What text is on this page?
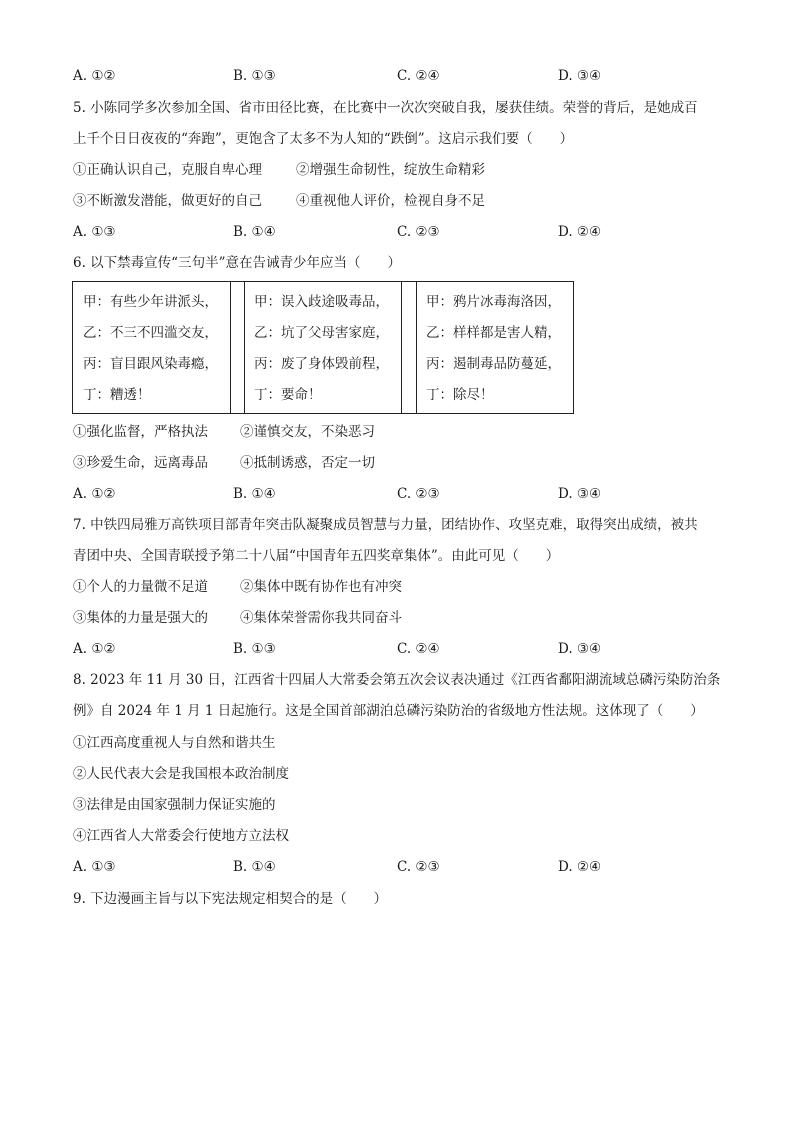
A. ①②	B. ①③	C. ②④	D. ③④
5. 小陈同学多次参加全国、省市田径比赛，在比赛中一次次突破自我，屡获佳绩。荣誉的背后，是她成百
上千个日日夜夜的“奔跑”，更饱含了太多不为人知的“跌倒”。这启示我们要（　　）
①正确认识自己，克服自卑心理	②增强生命韧性，绽放生命精彩
③不断激发潜能，做更好的自己	④重视他人评价，检视自身不足
A. ①③	B. ①④	C. ②③	D. ②④
6. 以下禁毒宣传“三句半”意在告诫青少年应当（　　）
甲：有些少年讲派头，
乙：不三不四滥交友，
丙：盲目跟风染毒瘾，
丁：糟透！
甲：误入歧途吸毒品，
乙：坑了父母害家庭，
丙：废了身体毁前程，
丁：要命！
甲：鸦片冰毒海洛因，
乙：样样都是害人精，
丙：遏制毒品防蔓延，
丁：除尽！
①强化监督，严格执法 ②谨慎交友，不染恶习
③珍爱生命，远离毒品 ④抵制诱惑，否定一切
A. ①②	B. ①④	C. ②③	D. ③④
7. 中铁四局雅万高铁项目部青年突击队凝聚成员智慧与力量，团结协作、攻坚克难，取得突出成绩，被共
青团中央、全国青联授予第二十八届“中国青年五四奖章集体”。由此可见（　　）
①个人的力量微不足道 ②集体中既有协作也有冲突
③集体的力量是强大的 ④集体荣誉需你我共同奋斗
A. ①②	B. ①③	C. ②④	D. ③④
8. 2023 年 11 月 30 日，江西省十四届人大常委会第五次会议表决通过《江西省鄱阳湖流域总磷污染防治条
例》自 2024 年 1 月 1 日起施行。这是全国首部湖泊总磷污染防治的省级地方性法规。这体现了（　　）
①江西高度重视人与自然和谐共生
②人民代表大会是我国根本政治制度
③法律是由国家强制力保证实施的
④江西省人大常委会行使地方立法权
A. ①③	B. ①④	C. ②③	D. ②④
9. 下边漫画主旨与以下宪法规定相契合的是（　　）
